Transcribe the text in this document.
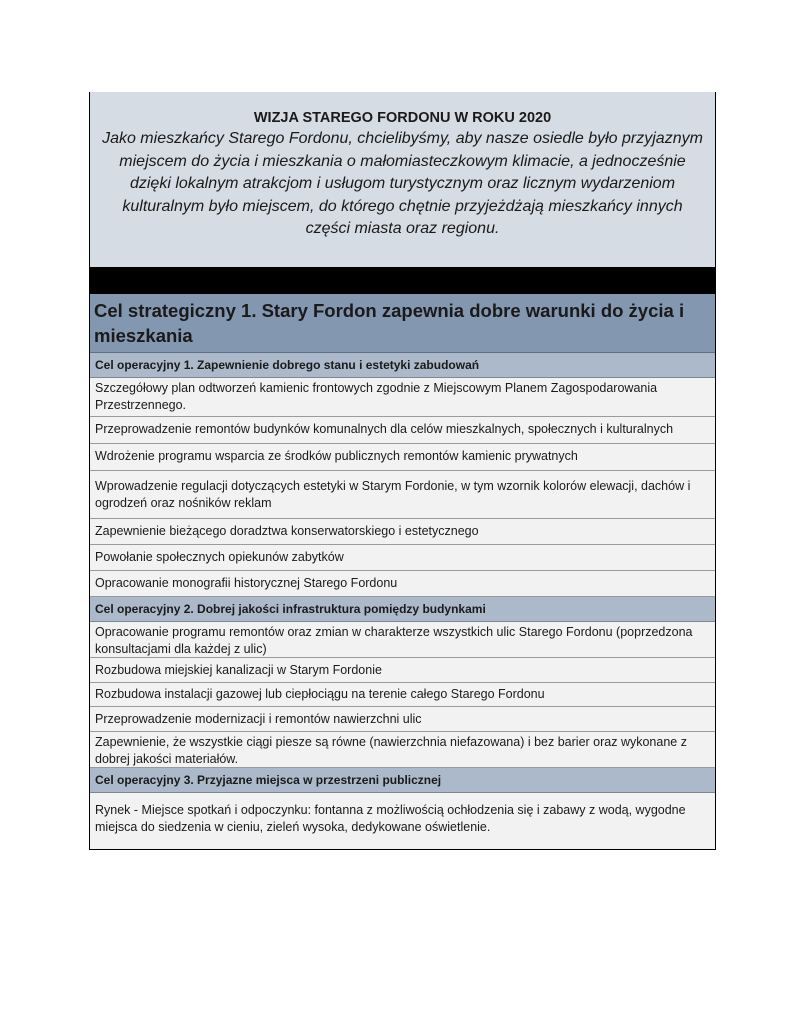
WIZJA STAREGO FORDONU W ROKU 2020
Jako mieszkańcy Starego Fordonu, chcielibyśmy, aby nasze osiedle było przyjaznym miejscem do życia i mieszkania o małomiasteczkowym klimacie, a jednocześnie dzięki lokalnym atrakcjom i usługom turystycznym oraz licznym wydarzeniom kulturalnym było miejscem, do którego chętnie przyjeżdżają mieszkańcy innych części miasta oraz regionu.
Cel strategiczny 1. Stary Fordon zapewnia dobre warunki do życia i mieszkania
Cel operacyjny 1. Zapewnienie dobrego stanu i estetyki zabudowań
Szczegółowy plan odtworzeń kamienic frontowych zgodnie z Miejscowym Planem Zagospodarowania Przestrzennego.
Przeprowadzenie remontów budynków komunalnych dla celów mieszkalnych, społecznych i kulturalnych
Wdrożenie programu wsparcia ze środków publicznych remontów kamienic prywatnych
Wprowadzenie regulacji dotyczących estetyki w Starym Fordonie, w tym wzornik kolorów elewacji, dachów i ogrodzeń oraz nośników reklam
Zapewnienie bieżącego doradztwa konserwatorskiego i estetycznego
Powołanie społecznych opiekunów zabytków
Opracowanie monografii historycznej Starego Fordonu
Cel operacyjny 2. Dobrej jakości infrastruktura pomiędzy budynkami
Opracowanie programu remontów oraz zmian w charakterze wszystkich ulic Starego Fordonu (poprzedzona konsultacjami dla każdej z ulic)
Rozbudowa miejskiej kanalizacji w Starym Fordonie
Rozbudowa instalacji gazowej lub ciepłociągu na terenie całego Starego Fordonu
Przeprowadzenie modernizacji i remontów nawierzchni ulic
Zapewnienie, że wszystkie ciągi piesze są równe (nawierzchnia niefazowana) i bez barier oraz wykonane z dobrej jakości materiałów.
Cel operacyjny 3. Przyjazne miejsca w przestrzeni publicznej
Rynek - Miejsce spotkań i odpoczynku: fontanna z możliwością ochłodzenia się i zabawy z wodą, wygodne miejsca do siedzenia w cieniu, zieleń wysoka, dedykowane oświetlenie.
